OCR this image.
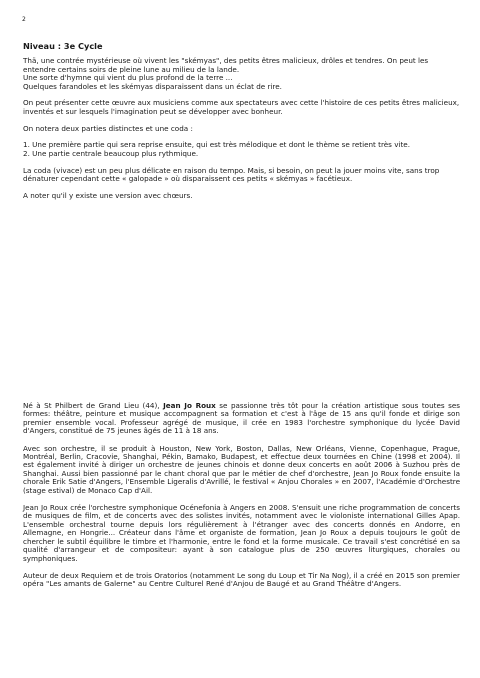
2
Niveau : 3e Cycle

Thä, une contrée mystérieuse où vivent les "skémyas", des petits êtres malicieux, drôles et tendres. On peut les entendre certains soirs de pleine lune au milieu de la lande.
Une sorte d'hymne qui vient du plus profond de la terre ...
Quelques farandoles et les skémyas disparaissent dans un éclat de rire.

On peut présenter cette œuvre aux musiciens comme aux spectateurs avec cette l'histoire de ces petits êtres malicieux, inventés et sur lesquels l'imagination peut se développer avec bonheur.

On notera deux parties distinctes et une coda :

1. Une première partie qui sera reprise ensuite, qui est très mélodique et dont le thème se retient très vite.
2. Une partie centrale beaucoup plus rythmique.

La coda (vivace) est un peu plus délicate en raison du tempo. Mais, si besoin, on peut la jouer moins vite, sans trop dénaturer cependant cette « galopade » où disparaissent ces petits « skémyas » facétieux.

A noter qu'il y existe une version avec chœurs.

Né à St Philbert de Grand Lieu (44), Jean Jo Roux se passionne très tôt pour la création artistique sous toutes ses formes: théâtre, peinture et musique accompagnent sa formation et c'est à l'âge de 15 ans qu'il fonde et dirige son premier ensemble vocal. Professeur agrégé de musique, il crée en 1983 l'orchestre symphonique du lycée David d'Angers, constitué de 75 jeunes âgés de 11 à 18 ans.

Avec son orchestre, il se produit à Houston, New York, Boston, Dallas, New Orléans, Vienne, Copenhague, Prague, Montréal, Berlin, Cracovie, Shanghai, Pékin, Bamako, Budapest, et effectue deux tournées en Chine (1998 et 2004). Il est également invité à diriger un orchestre de jeunes chinois et donne deux concerts en août 2006 à Suzhou près de Shanghai. Aussi bien passionné par le chant choral que par le métier de chef d'orchestre, Jean Jo Roux fonde ensuite la chorale Erik Satie d'Angers, l'Ensemble Ligeralis d'Avrillé, le festival « Anjou Chorales » en 2007, l'Académie d'Orchestre (stage estival) de Monaco Cap d'Ail.

Jean Jo Roux crée l'orchestre symphonique Océnefonia à Angers en 2008. S'ensuit une riche programmation de concerts de musiques de film, et de concerts avec des solistes invités, notamment avec le violoniste international Gilles Apap. L'ensemble orchestral tourne depuis lors régulièrement à l'étranger avec des concerts donnés en Andorre, en Allemagne, en Hongrie... Créateur dans l'âme et organiste de formation, Jean Jo Roux a depuis toujours le goût de chercher le subtil équilibre le timbre et l'harmonie, entre le fond et la forme musicale. Ce travail s'est concrétisé en sa qualité d'arrangeur et de compositeur: ayant à son catalogue plus de 250 œuvres liturgiques, chorales ou symphoniques.

Auteur de deux Requiem et de trois Oratorios (notamment Le song du Loup et Tir Na Nog), il a créé en 2015 son premier opéra "Les amants de Galerne" au Centre Culturel René d'Anjou de Baugé et au Grand Théâtre d'Angers.
